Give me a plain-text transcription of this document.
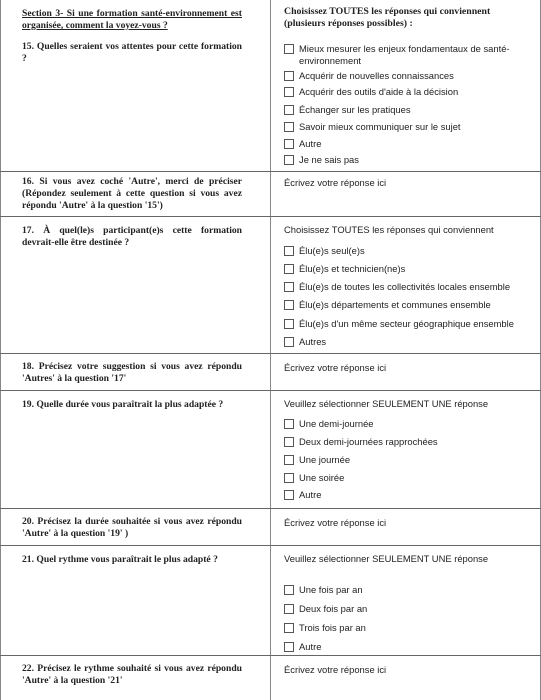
Section 3- Si une formation santé-environnement est organisée, comment la voyez-vous ?
15. Quelles seraient vos attentes pour cette formation ?
Choisissez TOUTES les réponses qui conviennent (plusieurs réponses possibles) :
Mieux mesurer les enjeux fondamentaux de santé-environnement
Acquérir de nouvelles connaissances
Acquérir des outils d'aide à la décision
Échanger sur les pratiques
Savoir mieux communiquer sur le sujet
Autre
Je ne sais pas
16. Si vous avez coché 'Autre', merci de préciser (Répondez seulement à cette question si vous avez répondu 'Autre' à la question '15')
Écrivez votre réponse ici
17. À quel(le)s participant(e)s cette formation devrait-elle être destinée ?
Choisissez TOUTES les réponses qui conviennent
Élu(e)s seul(e)s
Élu(e)s et technicien(ne)s
Élu(e)s de toutes les collectivités locales ensemble
Élu(e)s départements et communes ensemble
Élu(e)s d'un même secteur géographique ensemble
Autres
18. Précisez votre suggestion si vous avez répondu 'Autres' à la question '17'
Écrivez votre réponse ici
19. Quelle durée vous paraîtrait la plus adaptée ?	Veuillez sélectionner SEULEMENT UNE réponse
Une demi-journée
Deux demi-journées rapprochées
Une journée
Une soirée
Autre
20. Précisez la durée souhaitée si vous avez répondu 'Autre' à la question '19' )
Écrivez votre réponse ici
21. Quel rythme vous paraîtrait le plus adapté ?	Veuillez sélectionner SEULEMENT UNE réponse
Une fois par an
Deux fois par an
Trois fois par an
Autre
22. Précisez le rythme souhaité si vous avez répondu 'Autre' à la question '21'
Écrivez votre réponse ici
